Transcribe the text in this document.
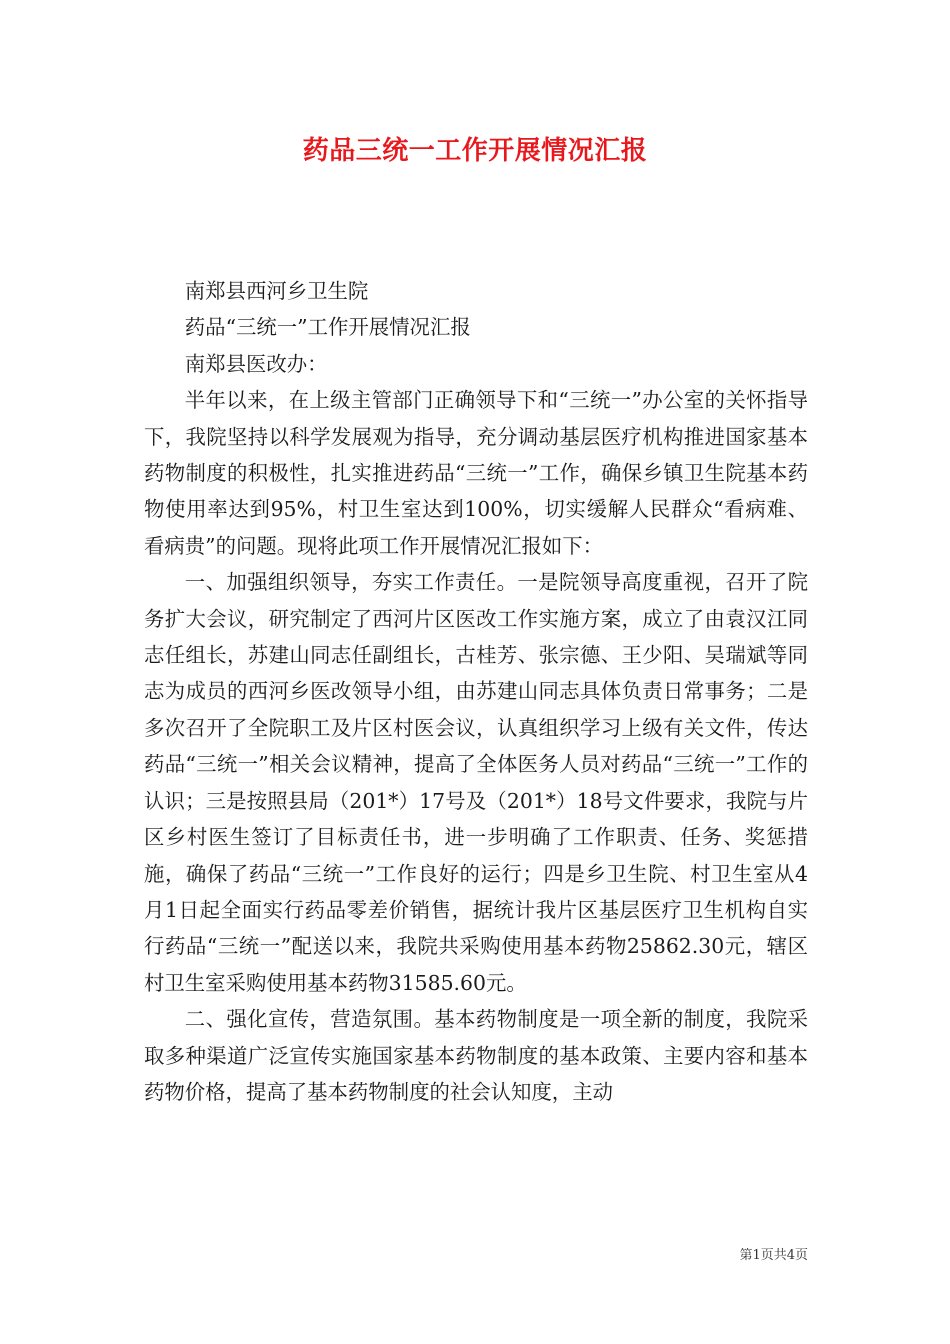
药品三统一工作开展情况汇报

南郑县西河乡卫生院

药品“三统一”工作开展情况汇报

南郑县医改办：

半年以来，在上级主管部门正确领导下和“三统一”办公室的关怀指导下，我院坚持以科学发展观为指导，充分调动基层医疗机构推进国家基本药物制度的积极性，扎实推进药品“三统一”工作，确保乡镇卫生院基本药物使用率达到95%，村卫生室达到100%，切实缓解人民群众“看病难、看病贵”的问题。现将此项工作开展情况汇报如下：

一、加强组织领导，夯实工作责任。一是院领导高度重视，召开了院务扩大会议，研究制定了西河片区医改工作实施方案，成立了由袁汉江同志任组长，苏建山同志任副组长，古桂芳、张宗德、王少阳、吴瑞斌等同志为成员的西河乡医改领导小组，由苏建山同志具体负责日常事务；二是多次召开了全院职工及片区村医会议，认真组织学习上级有关文件，传达药品“三统一”相关会议精神，提高了全体医务人员对药品“三统一”工作的认识；三是按照县局（201*）17号及（201*）18号文件要求，我院与片区乡村医生签订了目标责任书，进一步明确了工作职责、任务、奖惩措施，确保了药品“三统一”工作良好的运行；四是乡卫生院、村卫生室从4月1日起全面实行药品零差价销售，据统计我片区基层医疗卫生机构自实行药品“三统一”配送以来，我院共采购使用基本药物25862.30元，辖区村卫生室采购使用基本药物31585.60元。

二、强化宣传，营造氛围。基本药物制度是一项全新的制度，我院采取多种渠道广泛宣传实施国家基本药物制度的基本政策、主要内容和基本药物价格，提高了基本药物制度的社会认知度，主动

第1页共4页
